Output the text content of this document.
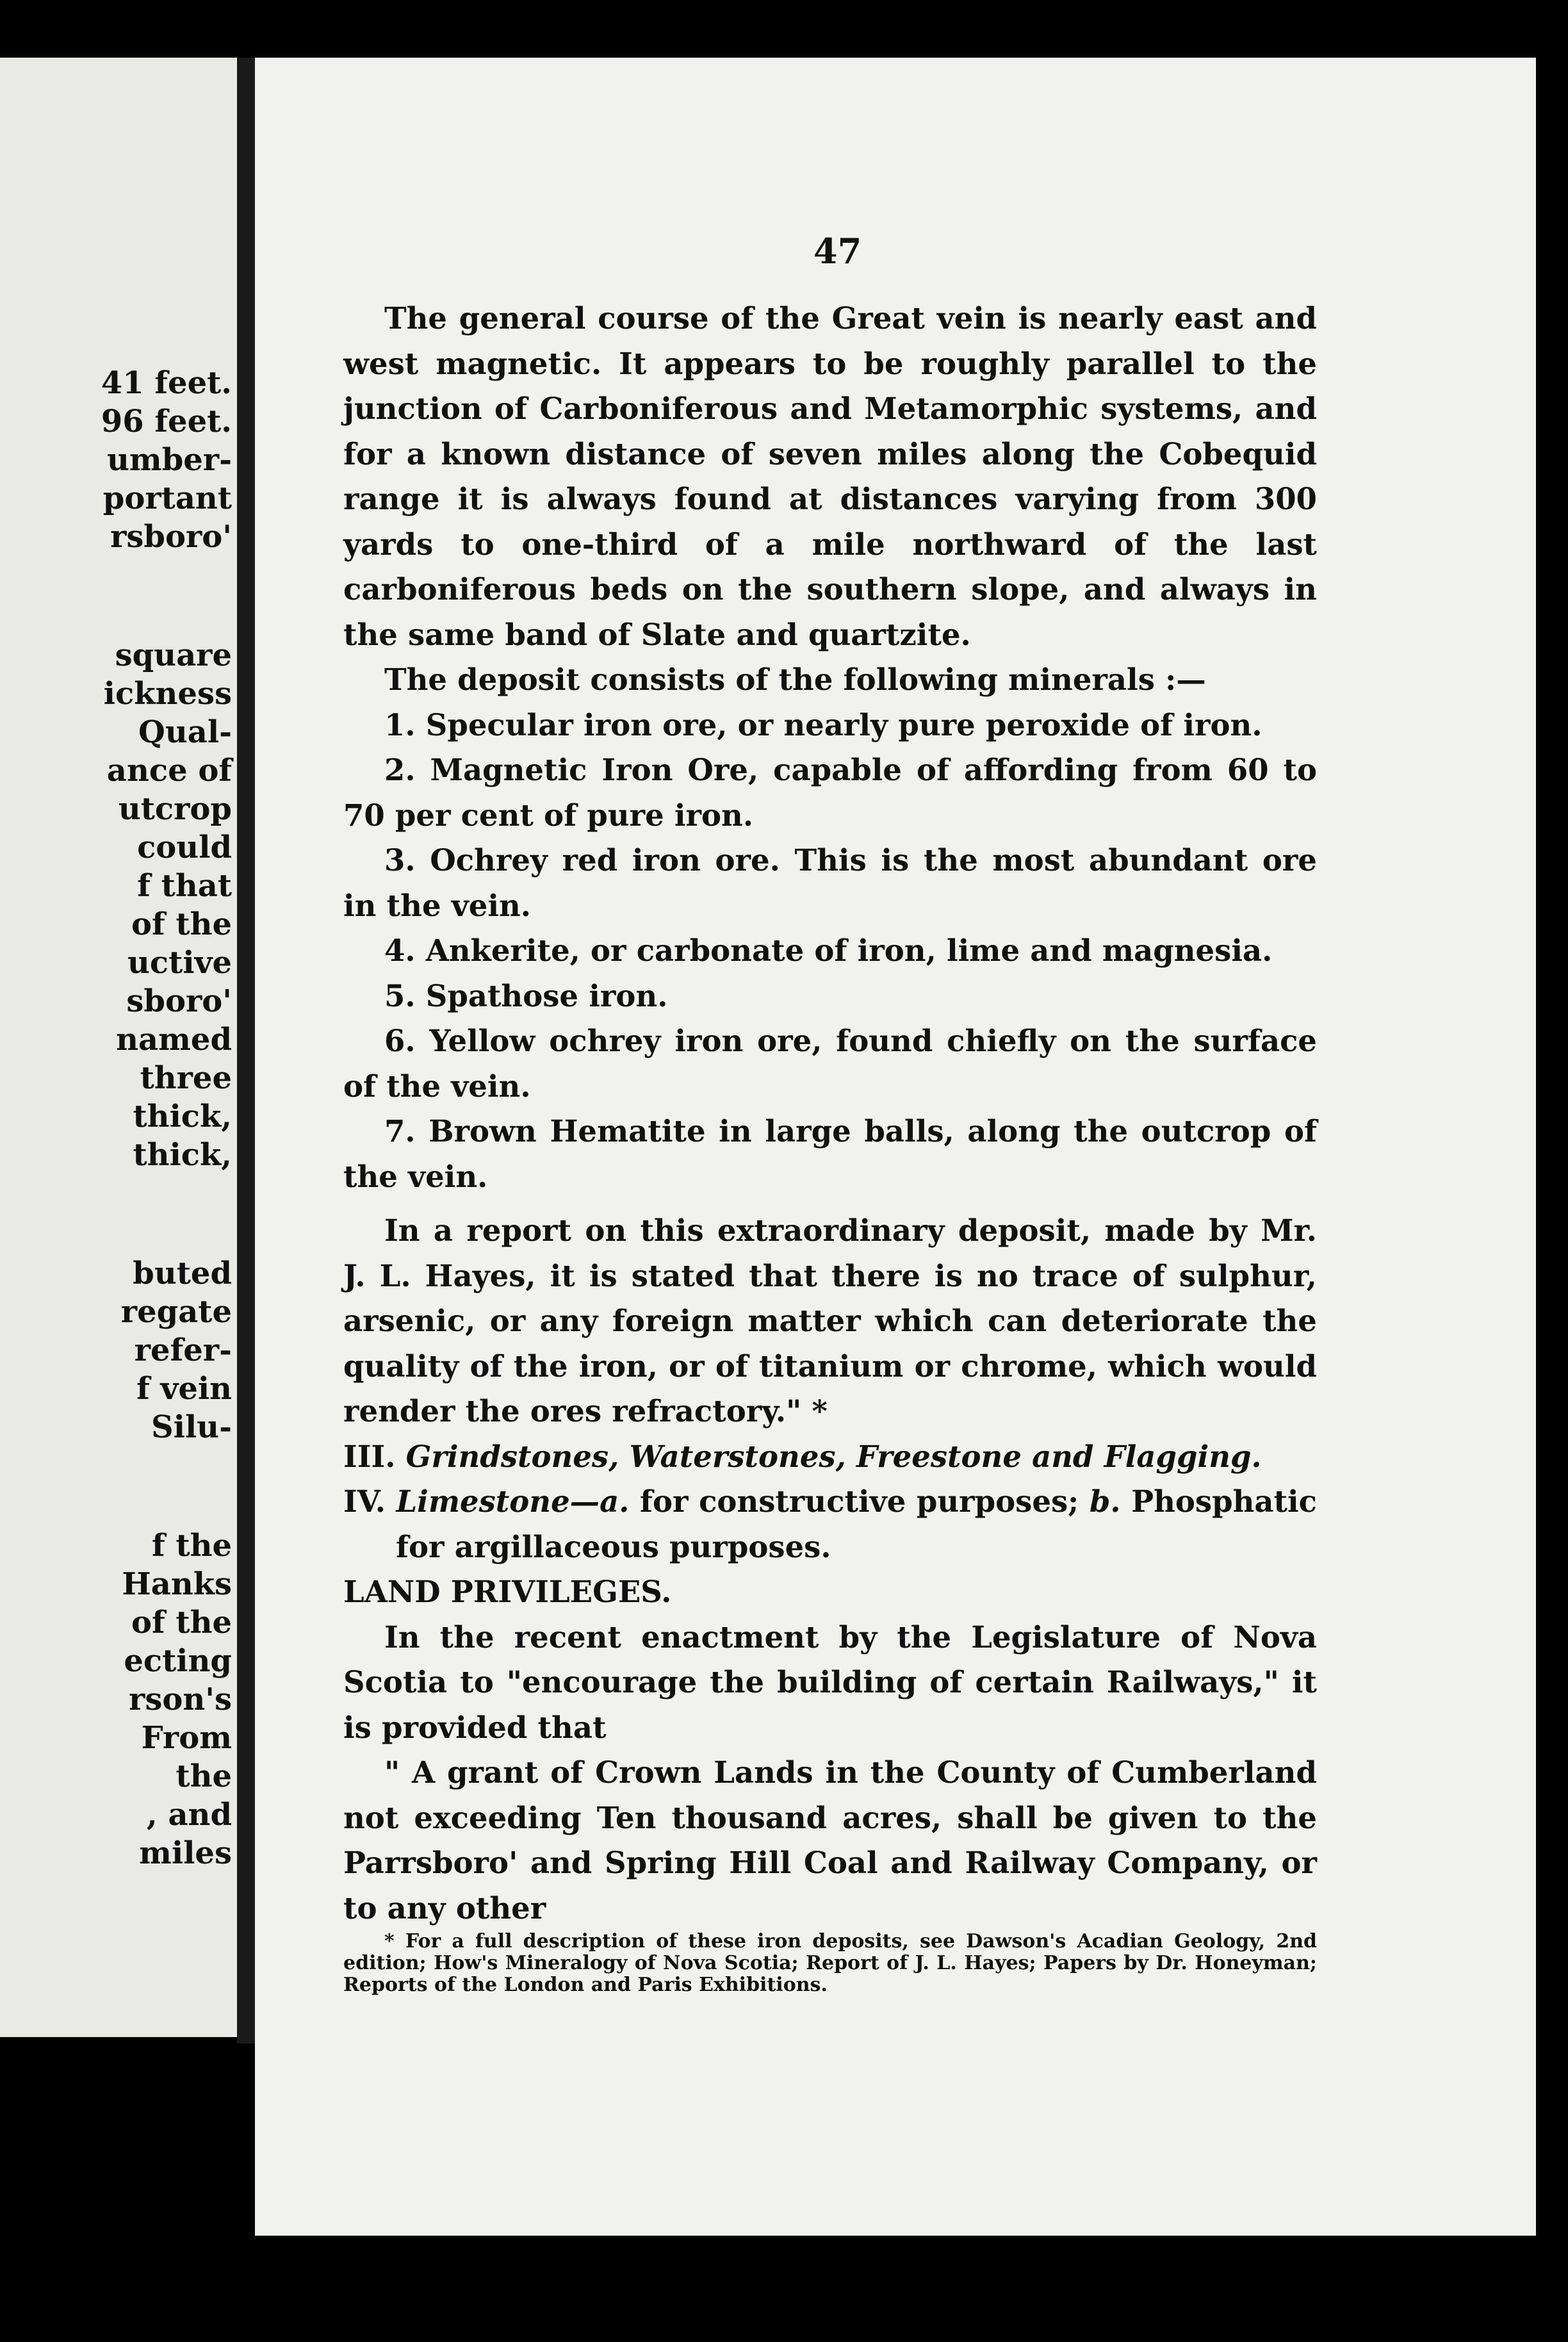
41 feet.
96 feet.
umber-
portant
rsboro'
square
ickness
Qual-
ance of
utcrop
could
f that
of the
uctive
sboro'
named
three
thick,
thick,
buted
regate
refer-
f vein
Silu-
f the
Hanks
of the
ecting
rson's
From
the
, and
miles
47

The general course of the Great vein is nearly east and west magnetic. It appears to be roughly parallel to the junction of Carboniferous and Metamorphic systems, and for a known distance of seven miles along the Cobequid range it is always found at distances varying from 300 yards to one-third of a mile northward of the last carboniferous beds on the southern slope, and always in the same band of Slate and quartzite.

The deposit consists of the following minerals :—

1. Specular iron ore, or nearly pure peroxide of iron.

2. Magnetic Iron Ore, capable of affording from 60 to 70 per cent of pure iron.

3. Ochrey red iron ore. This is the most abundant ore in the vein.

4. Ankerite, or carbonate of iron, lime and magnesia.

5. Spathose iron.

6. Yellow ochrey iron ore, found chiefly on the surface of the vein.

7. Brown Hematite in large balls, along the outcrop of the vein.

In a report on this extraordinary deposit, made by Mr. J. L. Hayes, it is stated that there is no trace of sulphur, arsenic, or any foreign matter which can deteriorate the quality of the iron, or of titanium or chrome, which would render the ores refractory." *

III. Grindstones, Waterstones, Freestone and Flagging.

IV. Limestone—a. for constructive purposes; b. Phosphatic for argillaceous purposes.

LAND PRIVILEGES.

In the recent enactment by the Legislature of Nova Scotia to "encourage the building of certain Railways," it is provided that

" A grant of Crown Lands in the County of Cumberland not exceeding Ten thousand acres, shall be given to the Parrsboro' and Spring Hill Coal and Railway Company, or to any other

* For a full description of these iron deposits, see Dawson's Acadian Geology, 2nd edition; How's Mineralogy of Nova Scotia; Report of J. L. Hayes; Papers by Dr. Honeyman; Reports of the London and Paris Exhibitions.
